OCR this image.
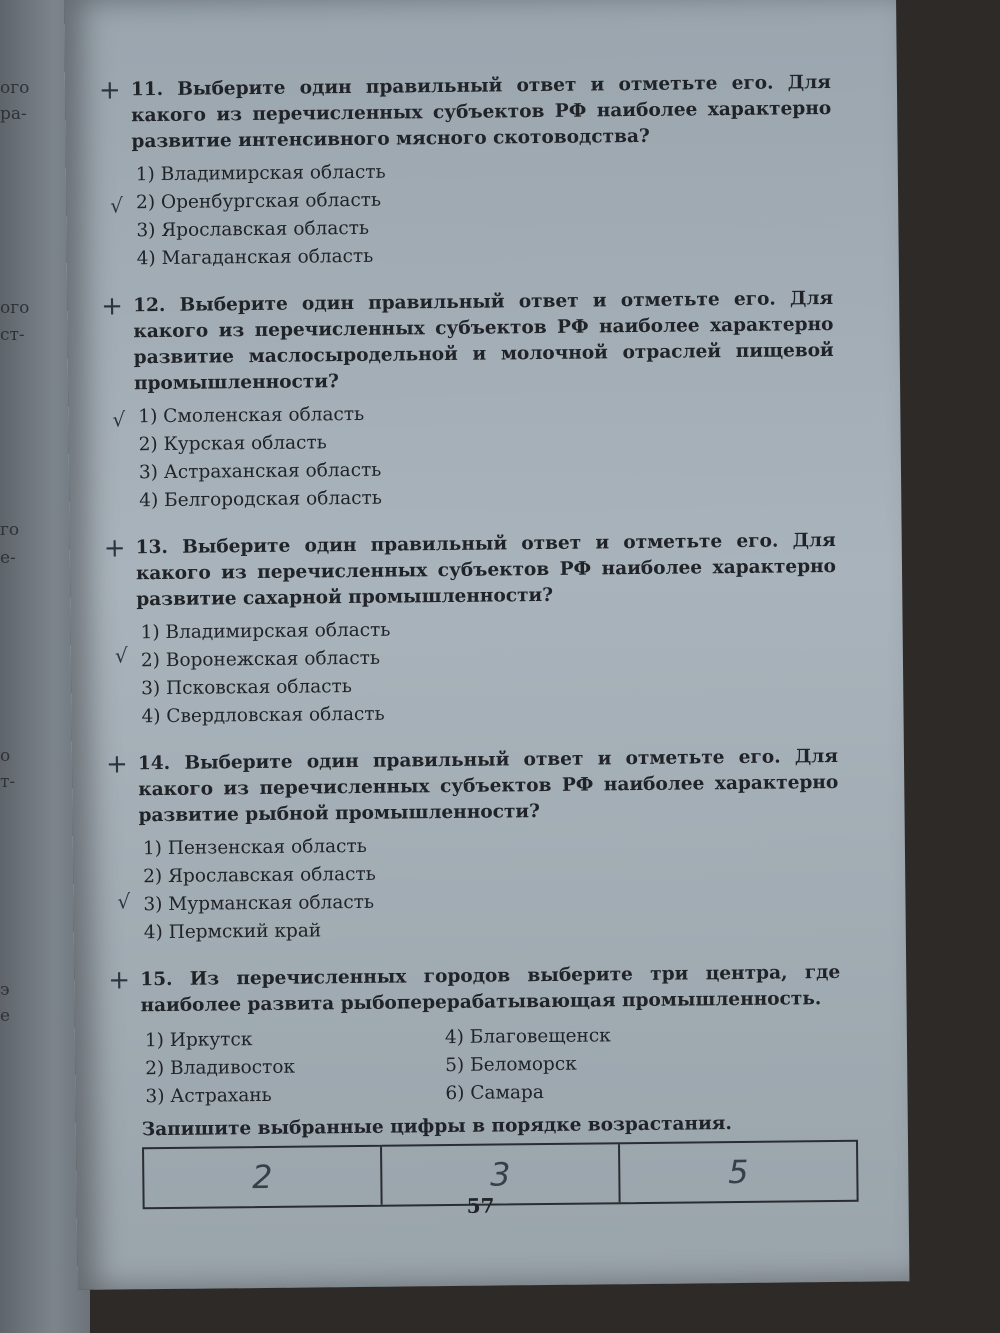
ого
ра-
ого
ст-
го
е-
о
т-
э
е
+ 11. Выберите один правильный ответ и отметьте его. Для какого из перечисленных субъектов РФ наиболее характерно развитие интенсивного мясного скотоводства?
1) Владимирская область
√ 2) Оренбургская область
3) Ярославская область
4) Магаданская область
+ 12. Выберите один правильный ответ и отметьте его. Для какого из перечисленных субъектов РФ наиболее характерно развитие маслосыродельной и молочной отраслей пищевой промышленности?
√ 1) Смоленская область
2) Курская область
3) Астраханская область
4) Белгородская область
+ 13. Выберите один правильный ответ и отметьте его. Для какого из перечисленных субъектов РФ наиболее характерно развитие сахарной промышленности?
1) Владимирская область
√ 2) Воронежская область
3) Псковская область
4) Свердловская область
+ 14. Выберите один правильный ответ и отметьте его. Для какого из перечисленных субъектов РФ наиболее характерно развитие рыбной промышленности?
1) Пензенская область
2) Ярославская область
√ 3) Мурманская область
4) Пермский край
+ 15. Из перечисленных городов выберите три центра, где наиболее развита рыбоперерабатывающая промышленность.
1) Иркутск
2) Владивосток
3) Астрахань
4) Благовещенск
5) Беломорск
6) Самара
Запишите выбранные цифры в порядке возрастания.
2	3	5
57
